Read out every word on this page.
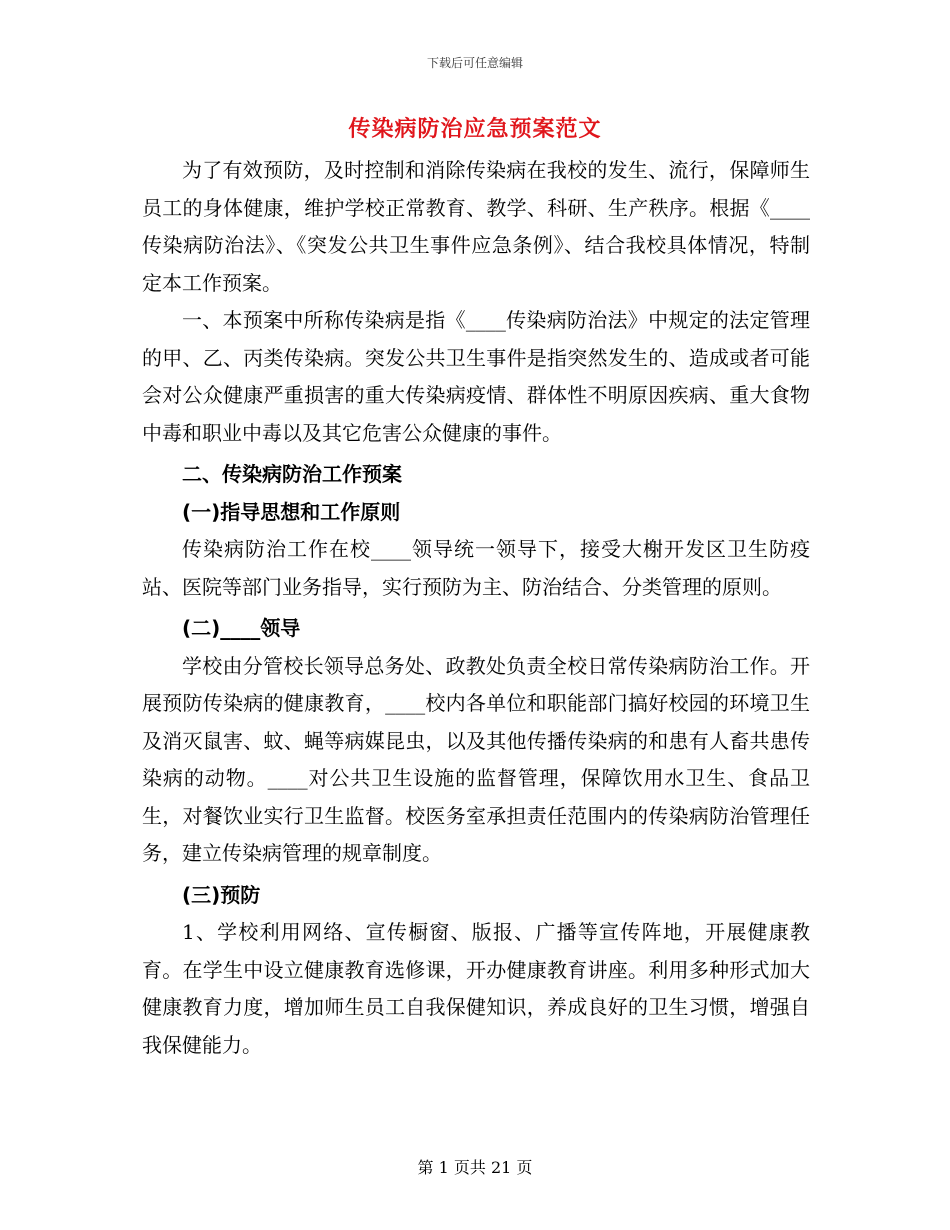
下载后可任意编辑
传染病防治应急预案范文

为了有效预防，及时控制和消除传染病在我校的发生、流行，保障师生员工的身体健康，维护学校正常教育、教学、科研、生产秩序。根据《____传染病防治法》、《突发公共卫生事件应急条例》、结合我校具体情况，特制定本工作预案。

一、本预案中所称传染病是指《____传染病防治法》中规定的法定管理的甲、乙、丙类传染病。突发公共卫生事件是指突然发生的、造成或者可能会对公众健康严重损害的重大传染病疫情、群体性不明原因疾病、重大食物中毒和职业中毒以及其它危害公众健康的事件。

二、传染病防治工作预案

(一)指导思想和工作原则

传染病防治工作在校____领导统一领导下，接受大榭开发区卫生防疫站、医院等部门业务指导，实行预防为主、防治结合、分类管理的原则。

(二)____领导

学校由分管校长领导总务处、政教处负责全校日常传染病防治工作。开展预防传染病的健康教育，____校内各单位和职能部门搞好校园的环境卫生及消灭鼠害、蚊、蝇等病媒昆虫，以及其他传播传染病的和患有人畜共患传染病的动物。____对公共卫生设施的监督管理，保障饮用水卫生、食品卫生，对餐饮业实行卫生监督。校医务室承担责任范围内的传染病防治管理任务，建立传染病管理的规章制度。

(三)预防

1、学校利用网络、宣传橱窗、版报、广播等宣传阵地，开展健康教育。在学生中设立健康教育选修课，开办健康教育讲座。利用多种形式加大健康教育力度，增加师生员工自我保健知识，养成良好的卫生习惯，增强自我保健能力。

第 1 页共 21 页
